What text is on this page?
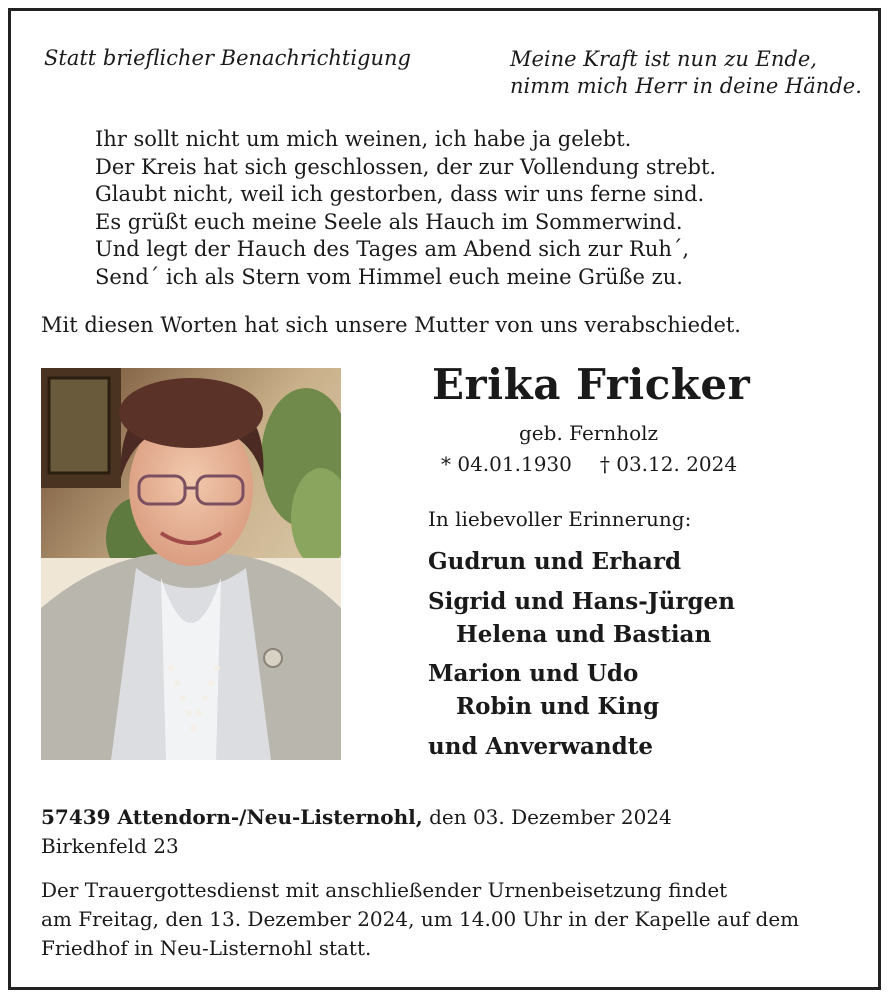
Statt brieflicher Benachrichtigung	Meine Kraft ist nun zu Ende,
nimm mich Herr in deine Hände.
Ihr sollt nicht um mich weinen, ich habe ja gelebt.
Der Kreis hat sich geschlossen, der zur Vollendung strebt.
Glaubt nicht, weil ich gestorben, dass wir uns ferne sind.
Es grüßt euch meine Seele als Hauch im Sommerwind.
Und legt der Hauch des Tages am Abend sich zur Ruh´,
Send´ ich als Stern vom Himmel euch meine Grüße zu.
Mit diesen Worten hat sich unsere Mutter von uns verabschiedet.
Erika Fricker
geb. Fernholz
* 04.01.1930 † 03.12. 2024
In liebevoller Erinnerung:
Gudrun und Erhard
Sigrid und Hans-Jürgen
Helena und Bastian
Marion und Udo
Robin und King
und Anverwandte
57439 Attendorn-/Neu-Listernohl, den 03. Dezember 2024
Birkenfeld 23
Der Trauergottesdienst mit anschließender Urnenbeisetzung findet
am Freitag, den 13. Dezember 2024, um 14.00 Uhr in der Kapelle auf dem
Friedhof in Neu-Listernohl statt.
